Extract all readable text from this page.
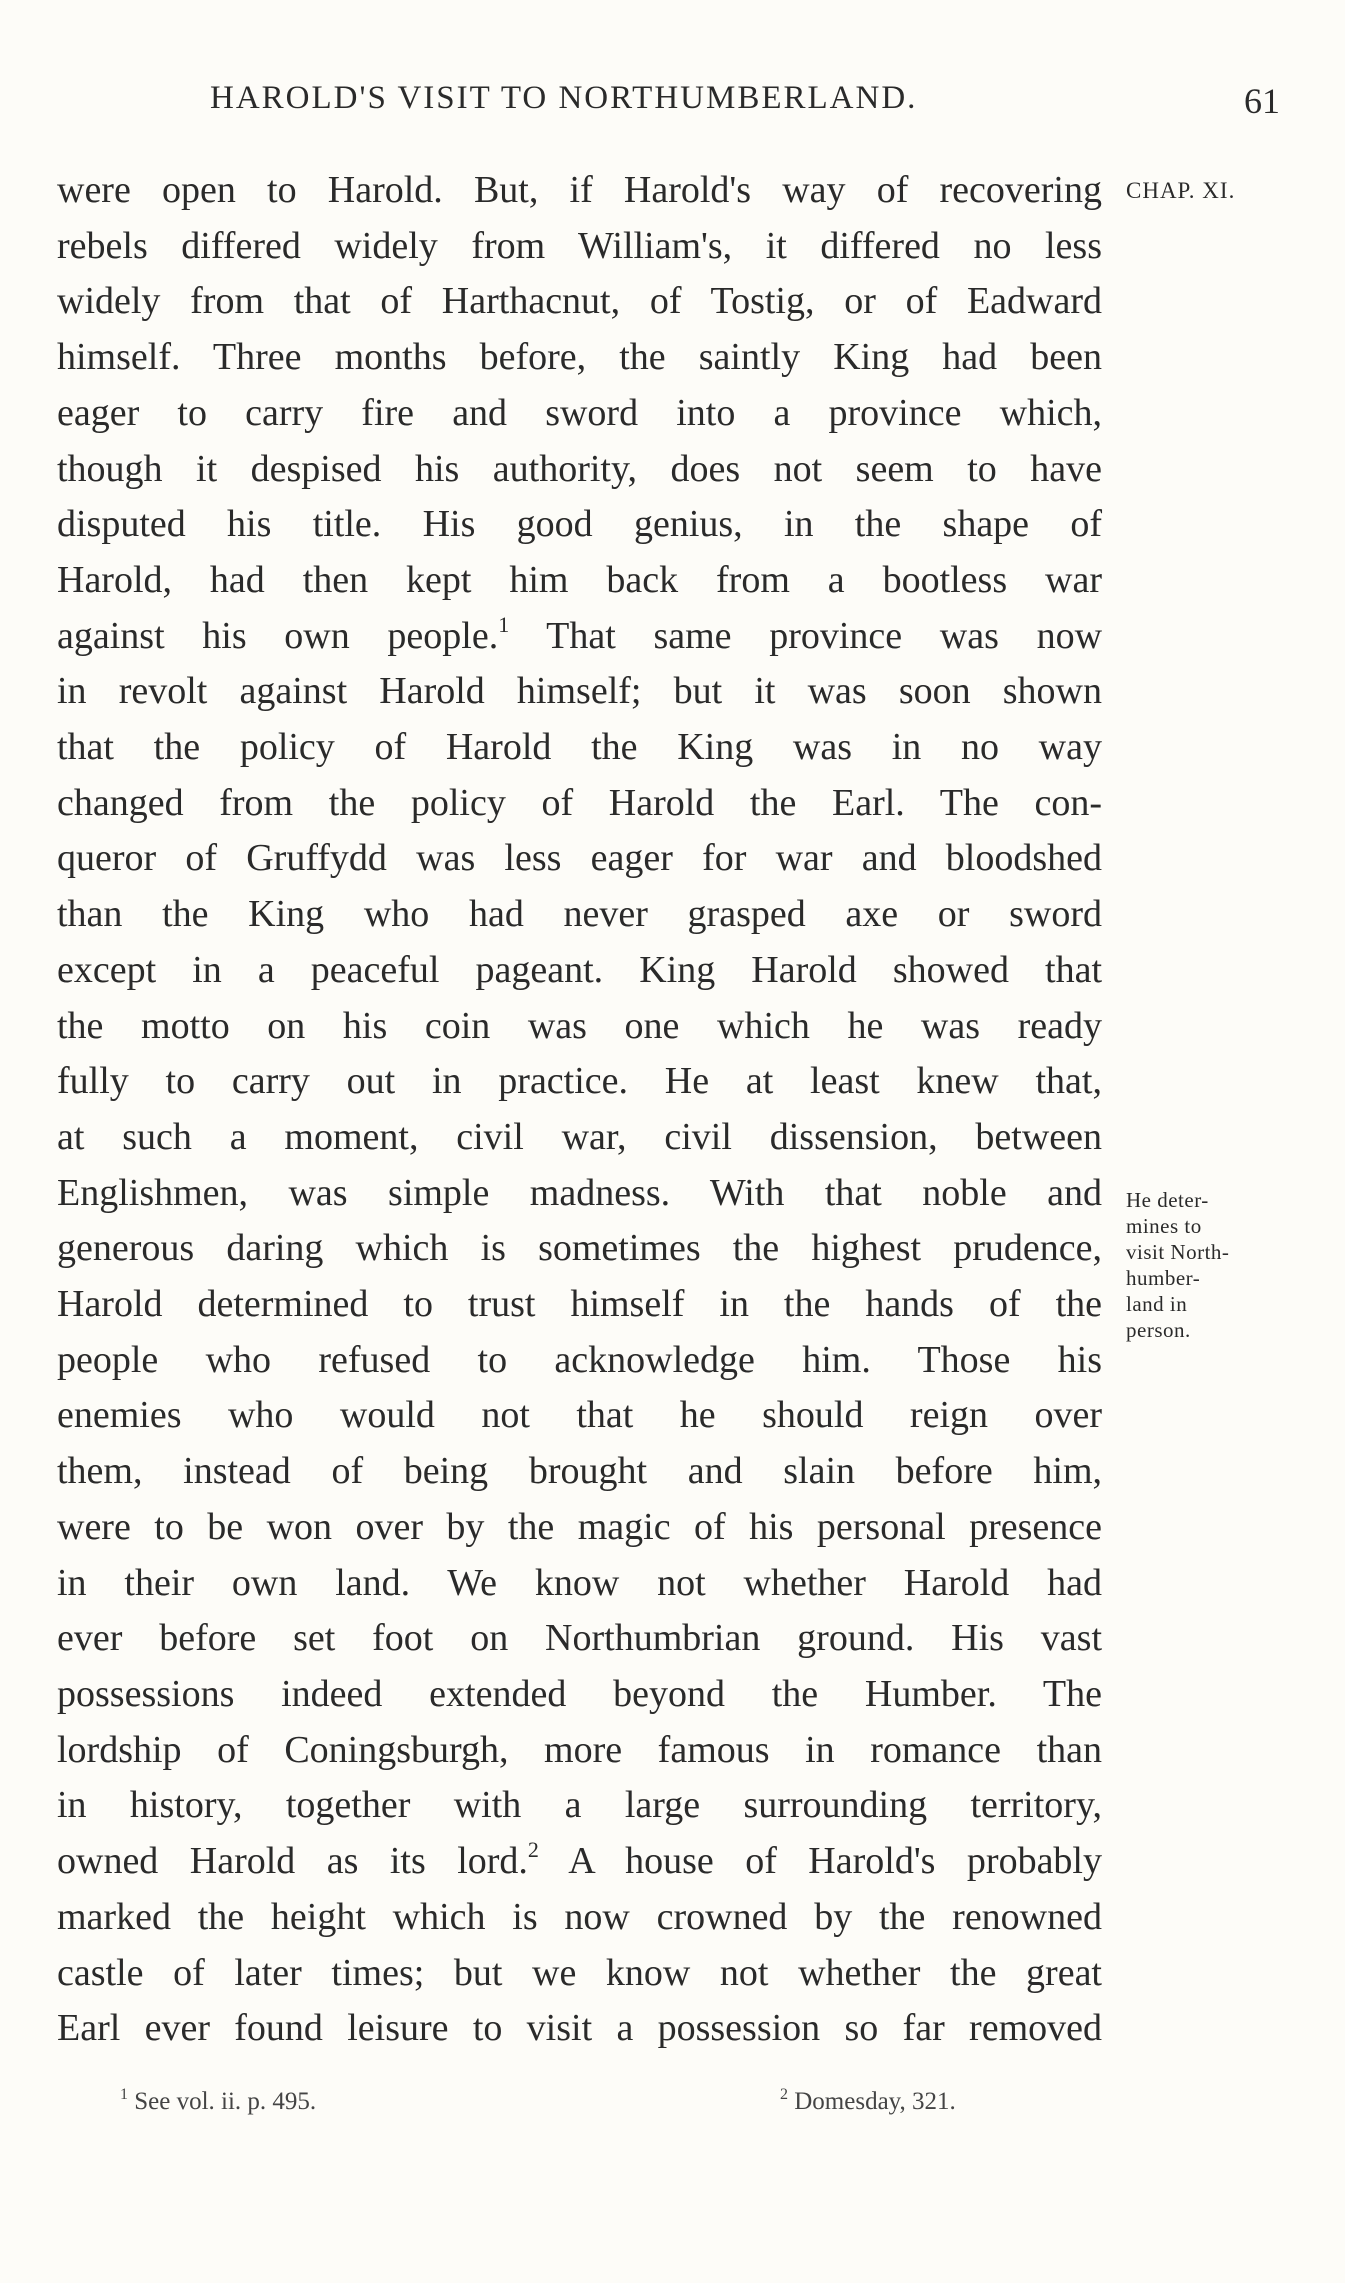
HAROLD'S VISIT TO NORTHUMBERLAND.	61
CHAP. XI.
He deter-
mines to
visit North-
humber-
land in
person.
were open to Harold. But, if Harold's way of recovering
rebels differed widely from William's, it differed no less
widely from that of Harthacnut, of Tostig, or of Eadward
himself. Three months before, the saintly King had been
eager to carry fire and sword into a province which,
though it despised his authority, does not seem to have
disputed his title. His good genius, in the shape of
Harold, had then kept him back from a bootless war
against his own people.$^1$ That same province was now
in revolt against Harold himself; but it was soon shown
that the policy of Harold the King was in no way
changed from the policy of Harold the Earl. The con-
queror of Gruffydd was less eager for war and bloodshed
than the King who had never grasped axe or sword
except in a peaceful pageant. King Harold showed that
the motto on his coin was one which he was ready
fully to carry out in practice. He at least knew that,
at such a moment, civil war, civil dissension, between
Englishmen, was simple madness. With that noble and
generous daring which is sometimes the highest prudence,
Harold determined to trust himself in the hands of the
people who refused to acknowledge him. Those his
enemies who would not that he should reign over
them, instead of being brought and slain before him,
were to be won over by the magic of his personal presence
in their own land. We know not whether Harold had
ever before set foot on Northumbrian ground. His vast
possessions indeed extended beyond the Humber. The
lordship of Coningsburgh, more famous in romance than
in history, together with a large surrounding territory,
owned Harold as its lord.$^2$ A house of Harold's probably
marked the height which is now crowned by the renowned
castle of later times; but we know not whether the great
Earl ever found leisure to visit a possession so far removed
$^1$ See vol. ii. p. 495.	$^2$ Domesday, 321.
